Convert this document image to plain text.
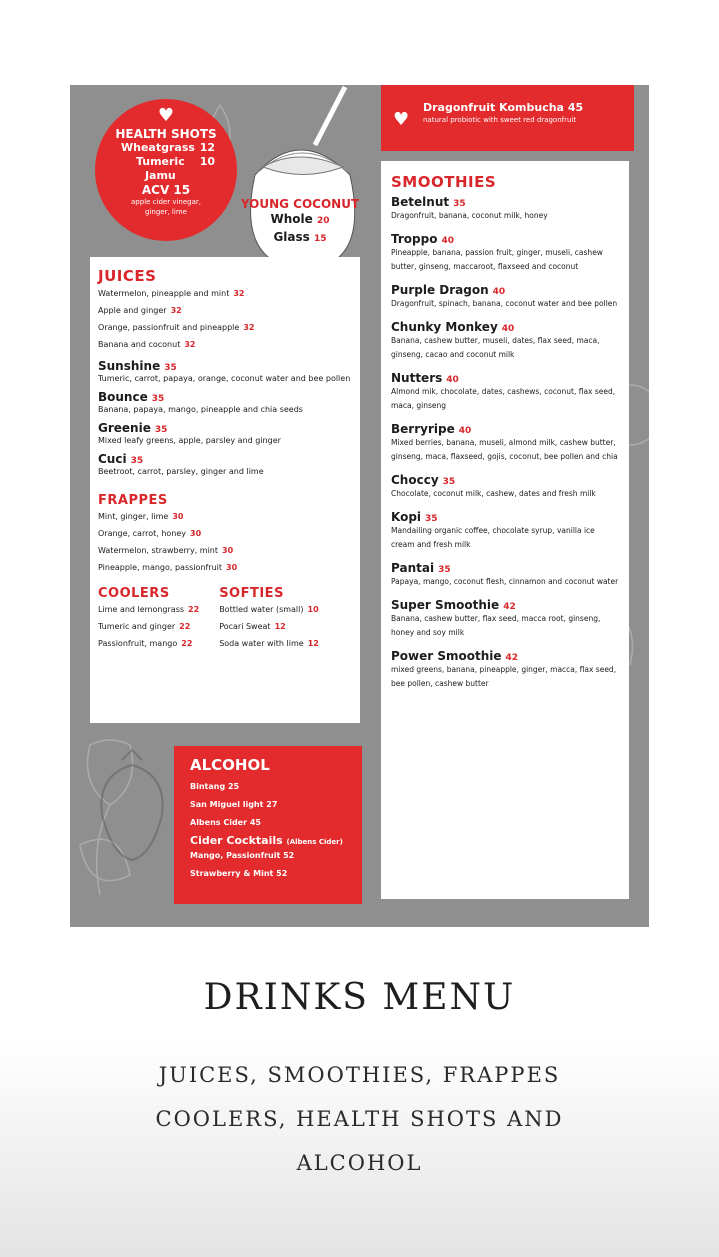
♥
HEALTH SHOTS
Wheatgrass 12
Tumeric Jamu
10
ACV 15
apple cider vinegar, ginger, lime
YOUNG COCONUT
Whole 20
Glass 15
JUICES
Watermelon, pineapple and mint 32
Apple and ginger 32
Orange, passionfruit and pineapple 32
Banana and coconut 32
Sunshine 35
Tumeric, carrot, papaya, orange, coconut water and bee pollen
Bounce 35
Banana, papaya, mango, pineapple and chia seeds
Greenie 35
Mixed leafy greens, apple, parsley and ginger
Cuci 35
Beetroot, carrot, parsley, ginger and lime
FRAPPES
Mint, ginger, lime 30
Orange, carrot, honey 30
Watermelon, strawberry, mint 30
Pineapple, mango, passionfruit 30
COOLERS
Lime and lemongrass 22
Tumeric and ginger 22
Passionfruit, mango 22
SOFTIES
Bottled water (small) 10
Pocari Sweat 12
Soda water with lime 12
ALCOHOL
Bintang 25
San Miguel light 27
Albens Cider 45
Cider Cocktails (Albens Cider)
Mango, Passionfruit 52
Strawberry & Mint 52
♥
Dragonfruit Kombucha 45
natural probiotic with sweet red dragonfruit
SMOOTHIES
Betelnut 35
Dragonfruit, banana, coconut milk, honey
Troppo 40
Pineapple, banana, passion fruit, ginger, museli, cashew butter, ginseng, maccaroot, flaxseed and coconut
Purple Dragon 40
Dragonfruit, spinach, banana, coconut water and bee pollen
Chunky Monkey 40
Banana, cashew butter, museli, dates, flax seed, maca, ginseng, cacao and coconut milk
Nutters 40
Almond mik, chocolate, dates, cashews, coconut, flax seed, maca, ginseng
Berryripe 40
Mixed berries, banana, museli, almond milk, cashew butter, ginseng, maca, flaxseed, gojis, coconut, bee pollen and chia
Choccy 35
Chocolate, coconut milk, cashew, dates and fresh milk
Kopi 35
Mandailing organic coffee, chocolate syrup, vanilla ice cream and fresh milk
Pantai 35
Papaya, mango, coconut flesh, cinnamon and coconut water
Super Smoothie 42
Banana, cashew butter, flax seed, macca root, ginseng, honey and soy milk
Power Smoothie 42
mixed greens, banana, pineapple, ginger, macca, flax seed, bee pollen, cashew butter
DRINKS MENU
JUICES, SMOOTHIES, FRAPPES
COOLERS, HEALTH SHOTS AND
ALCOHOL
